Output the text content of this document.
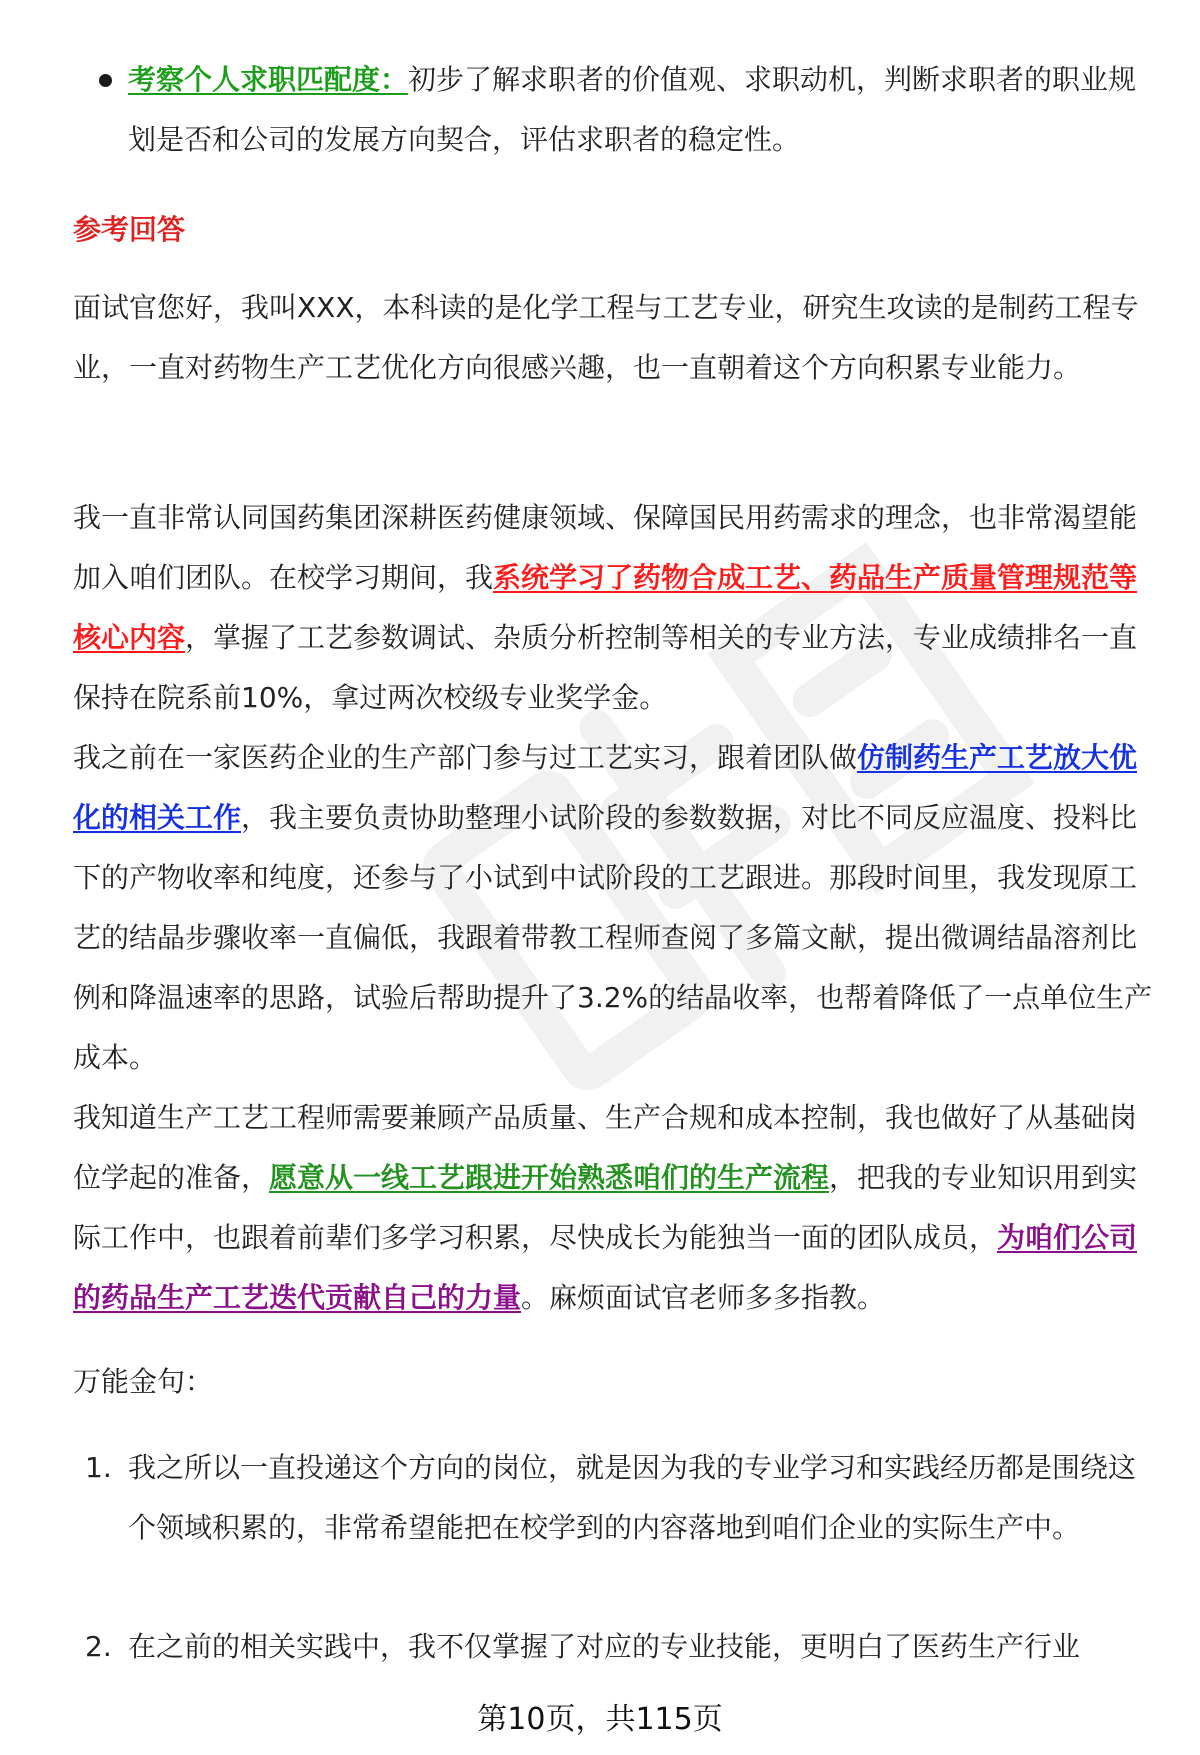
考察个人求职匹配度：初步了解求职者的价值观、求职动机，判断求职者的职业规划是否和公司的发展方向契合，评估求职者的稳定性。

参考回答

面试官您好，我叫XXX，本科读的是化学工程与工艺专业，研究生攻读的是制药工程专业，一直对药物生产工艺优化方向很感兴趣，也一直朝着这个方向积累专业能力。

我一直非常认同国药集团深耕医药健康领域、保障国民用药需求的理念，也非常渴望能加入咱们团队。在校学习期间，我系统学习了药物合成工艺、药品生产质量管理规范等核心内容，掌握了工艺参数调试、杂质分析控制等相关的专业方法，专业成绩排名一直保持在院系前10%，拿过两次校级专业奖学金。

我之前在一家医药企业的生产部门参与过工艺实习，跟着团队做仿制药生产工艺放大优化的相关工作，我主要负责协助整理小试阶段的参数数据，对比不同反应温度、投料比下的产物收率和纯度，还参与了小试到中试阶段的工艺跟进。那段时间里，我发现原工艺的结晶步骤收率一直偏低，我跟着带教工程师查阅了多篇文献，提出微调结晶溶剂比例和降温速率的思路，试验后帮助提升了3.2%的结晶收率，也帮着降低了一点单位生产成本。

我知道生产工艺工程师需要兼顾产品质量、生产合规和成本控制，我也做好了从基础岗位学起的准备，愿意从一线工艺跟进开始熟悉咱们的生产流程，把我的专业知识用到实际工作中，也跟着前辈们多学习积累，尽快成长为能独当一面的团队成员，为咱们公司的药品生产工艺迭代贡献自己的力量。麻烦面试官老师多多指教。

万能金句：

1. 我之所以一直投递这个方向的岗位，就是因为我的专业学习和实践经历都是围绕这个领域积累的，非常希望能把在校学到的内容落地到咱们企业的实际生产中。
2. 在之前的相关实践中，我不仅掌握了对应的专业技能，更明白了医药生产行业
第10页，共115页
